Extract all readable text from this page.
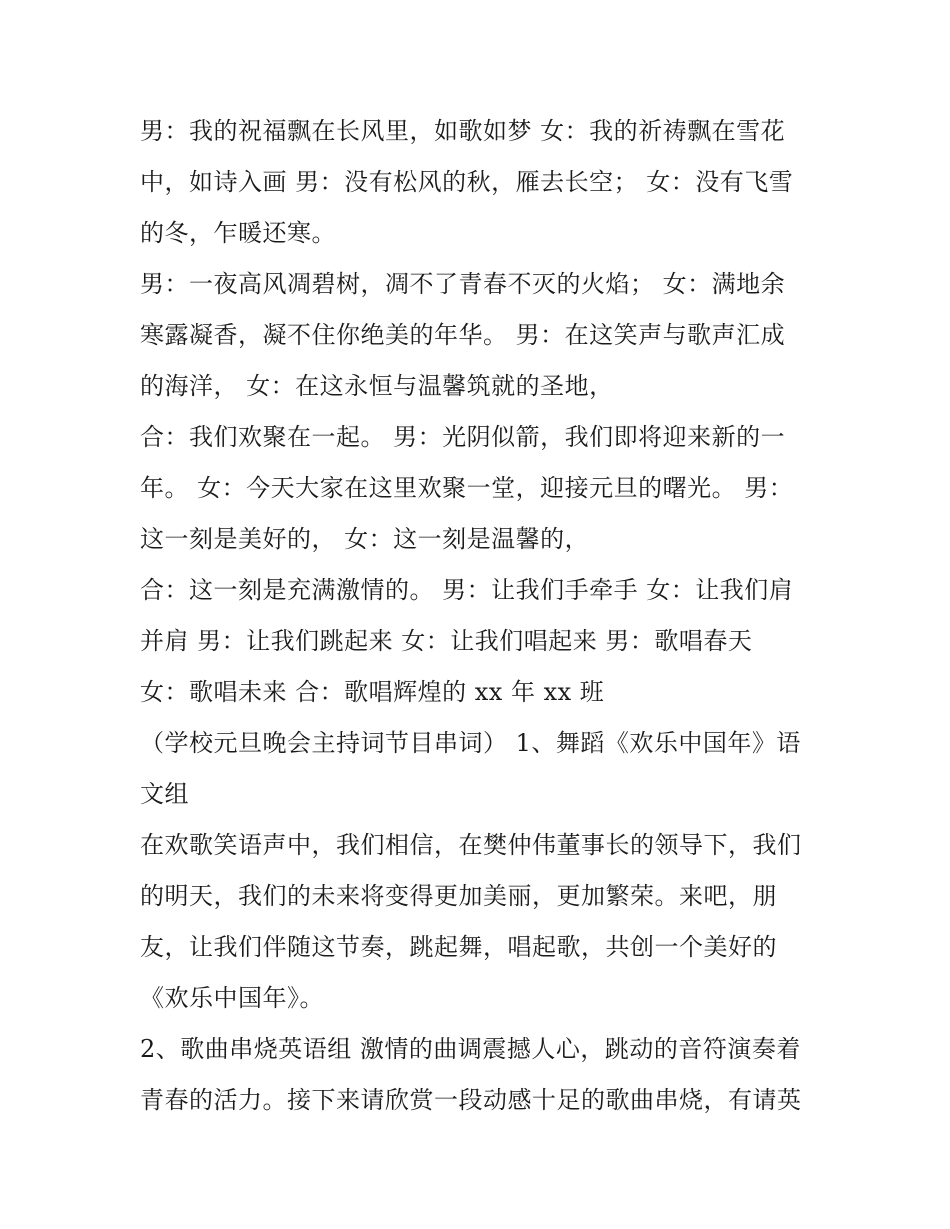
男：我的祝福飘在长风里，如歌如梦 女：我的祈祷飘在雪花
中，如诗入画 男：没有松风的秋，雁去长空； 女：没有飞雪
的冬，乍暖还寒。
男：一夜高风凋碧树，凋不了青春不灭的火焰； 女：满地余
寒露凝香，凝不住你绝美的年华。 男：在这笑声与歌声汇成
的海洋， 女：在这永恒与温馨筑就的圣地，
合：我们欢聚在一起。 男：光阴似箭，我们即将迎来新的一
年。 女：今天大家在这里欢聚一堂，迎接元旦的曙光。 男：
这一刻是美好的， 女：这一刻是温馨的，
合：这一刻是充满激情的。 男：让我们手牵手 女：让我们肩
并肩 男：让我们跳起来 女：让我们唱起来 男：歌唱春天
女：歌唱未来 合：歌唱辉煌的 xx 年 xx 班
（学校元旦晚会主持词节目串词） 1、舞蹈《欢乐中国年》语
文组
在欢歌笑语声中，我们相信，在樊仲伟董事长的领导下，我们
的明天，我们的未来将变得更加美丽，更加繁荣。来吧，朋
友，让我们伴随这节奏，跳起舞，唱起歌，共创一个美好的
《欢乐中国年》。
2、歌曲串烧英语组 激情的曲调震撼人心，跳动的音符演奏着
青春的活力。接下来请欣赏一段动感十足的歌曲串烧，有请英
